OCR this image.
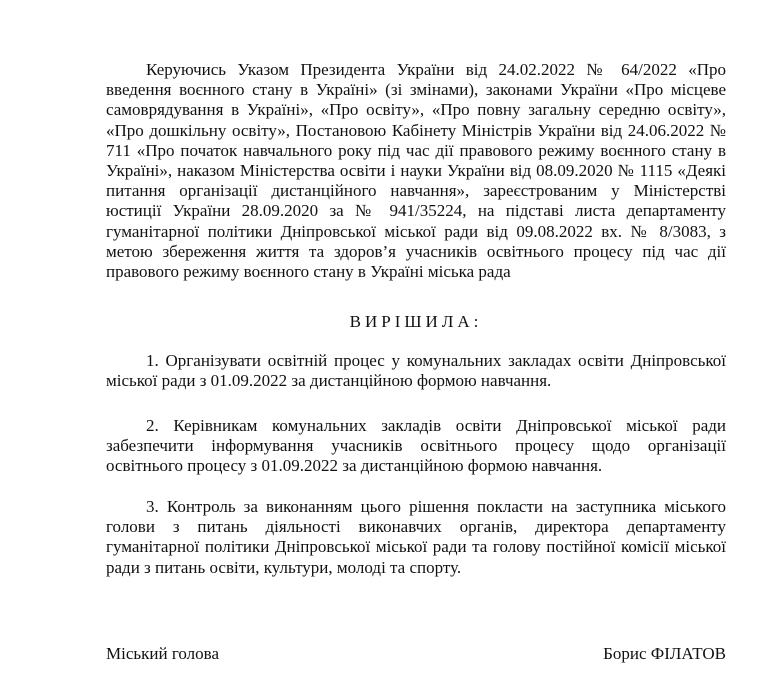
Керуючись Указом Президента України від 24.02.2022 № 64/2022 «Про введення воєнного стану в Україні» (зі змінами), законами України «Про місцеве самоврядування в Україні», «Про освіту», «Про повну загальну середню освіту», «Про дошкільну освіту», Постановою Кабінету Міністрів України від 24.06.2022 № 711 «Про початок навчального року під час дії правового режиму воєнного стану в Україні», наказом Міністерства освіти і науки України від 08.09.2020 № 1115 «Деякі питання організації дистанційного навчання», зареєстрованим у Міністерстві юстиції України 28.09.2020 за № 941/35224, на підставі листа департаменту гуманітарної політики Дніпровської міської ради від 09.08.2022 вх. № 8/3083, з метою збереження життя та здоров’я учасників освітнього процесу під час дії правового режиму воєнного стану в Україні міська рада

ВИРІШИЛА:

1. Організувати освітній процес у комунальних закладах освіти Дніпровської міської ради з 01.09.2022 за дистанційною формою навчання.

2. Керівникам комунальних закладів освіти Дніпровської міської ради забезпечити інформування учасників освітнього процесу щодо організації освітнього процесу з 01.09.2022 за дистанційною формою навчання.

3. Контроль за виконанням цього рішення покласти на заступника міського голови з питань діяльності виконавчих органів, директора департаменту гуманітарної політики Дніпровської міської ради та голову постійної комісії міської ради з питань освіти, культури, молоді та спорту.

Міський голова	Борис ФІЛАТОВ
